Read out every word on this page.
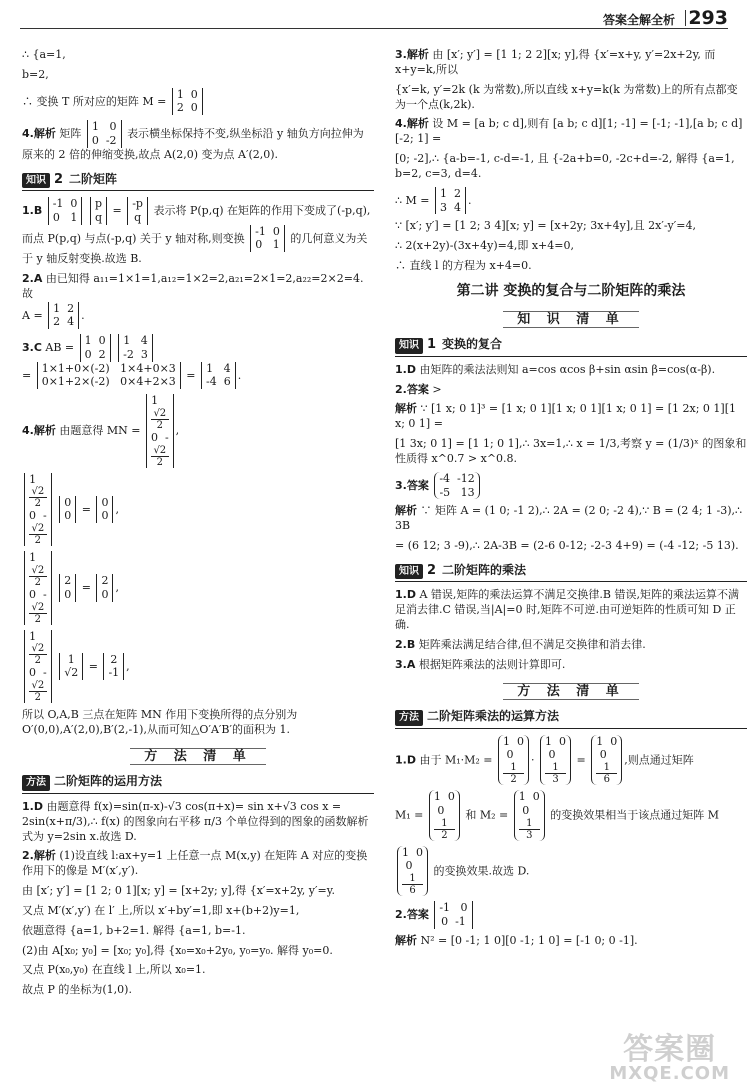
答案全解全析 293

∴ {a=1,

b=2,

∴ 变换 T 所对应的矩阵 M =
1  0
2  0

4.解析 矩阵
1   0
0  -2
表示横坐标保持不变,纵坐标沿 y 轴负方向拉伸为原来的 2 倍的伸缩变换,故点 A(2,0) 变为点 A′(2,0).

知识 2 二阶矩阵

1.B
-1  0
0   1

p
q
=
-p
q
表示将 P(p,q) 在矩阵的作用下变成了(-p,q),而点 P(p,q) 与点(-p,q) 关于 y 轴对称,则变换
-1  0
0   1
的几何意义为关于 y 轴反射变换.故选 B.

2.A 由已知得 a₁₁=1×1=1,a₁₂=1×2=2,a₂₁=2×1=2,a₂₂=2×2=4.故
A =
1  2
2  4
.

3.C AB =
1  0
0  2

1   4
-2  3

=
1×1+0×(-2)   1×4+0×3
0×1+2×(-2)   0×4+2×3
=
1   4
-4  6
.

4.解析 由题意得 MN =
1
√2
2
0  -
√2
2
,

1
√2
2
0  -
√2
2

0
0
=
0
0
,

1
√2
2
0  -
√2
2

2
0
=
2
0
,

1
√2
2
0  -
√2
2

1
√2
=
2
-1
,

所以 O,A,B 三点在矩阵 MN 作用下变换所得的点分别为 O′(0,0),A′(2,0),B′(2,-1),从而可知△O′A′B′的面积为 1.

方 法 清 单
方法 二阶矩阵的运用方法

1.D 由题意得 f(x)=sin(π-x)-√3 cos(π+x)= sin x+√3 cos x = 2sin(x+π/3),∴ f(x) 的图象向右平移 π/3 个单位得到的图象的函数解析式为 y=2sin x.故选 D.

2.解析 (1)设直线 l:ax+y=1 上任意一点 M(x,y) 在矩阵 A 对应的变换作用下的像是 M′(x′,y′).

由 [x′; y′] = [1 2; 0 1][x; y] = [x+2y; y],得 {x′=x+2y, y′=y.

又点 M′(x′,y′) 在 l′ 上,所以 x′+by′=1,即 x+(b+2)y=1,

依题意得 {a=1, b+2=1. 解得 {a=1, b=-1.

(2)由 A[x₀; y₀] = [x₀; y₀],得 {x₀=x₀+2y₀, y₀=y₀. 解得 y₀=0.

又点 P(x₀,y₀) 在直线 l 上,所以 x₀=1.

故点 P 的坐标为(1,0).

3.解析 由 [x′; y′] = [1 1; 2 2][x; y],得 {x′=x+y, y′=2x+2y, 而 x+y=k,所以

{x′=k, y′=2k (k 为常数),所以直线 x+y=k(k 为常数)上的所有点都变为一个点(k,2k).

4.解析 设 M = [a b; c d],则有 [a b; c d][1; -1] = [-1; -1],[a b; c d][-2; 1] =

[0; -2],∴ {a-b=-1, c-d=-1, 且 {-2a+b=0, -2c+d=-2, 解得 {a=1, b=2, c=3, d=4.

∴ M =
1  2
3  4
.

∵ [x′; y′] = [1 2; 3 4][x; y] = [x+2y; 3x+4y],且 2x′-y′=4,

∴ 2(x+2y)-(3x+4y)=4,即 x+4=0,

∴ 直线 l 的方程为 x+4=0.

第二讲 变换的复合与二阶矩阵的乘法
知 识 清 单
知识 1 变换的复合

1.D 由矩阵的乘法法则知 a=cos αcos β+sin αsin β=cos(α-β).

2.答案 >

解析 ∵ [1 x; 0 1]³ = [1 x; 0 1][1 x; 0 1][1 x; 0 1] = [1 2x; 0 1][1 x; 0 1] =

[1 3x; 0 1] = [1 1; 0 1],∴ 3x=1,∴ x = 1/3,考察 y = (1/3)ˣ 的图象和性质得 x^0.7 > x^0.8.

3.答案
-4  -12
-5   13

解析 ∵ 矩阵 A = (1 0; -1 2),∴ 2A = (2 0; -2 4),∵ B = (2 4; 1 -3),∴ 3B

= (6 12; 3 -9),∴ 2A-3B = (2-6 0-12; -2-3 4+9) = (-4 -12; -5 13).

知识 2 二阶矩阵的乘法

1.D A 错误,矩阵的乘法运算不满足交换律.B 错误,矩阵的乘法运算不满足消去律.C 错误,当|A|=0 时,矩阵不可逆.由可逆矩阵的性质可知 D 正确.

2.B 矩阵乘法满足结合律,但不满足交换律和消去律.

3.A 根据矩阵乘法的法则计算即可.

方 法 清 单
方法 二阶矩阵乘法的运算方法

1.D 由于 M₁·M₂ =
1  0
0
1
2
·
1  0
0
1
3
=
1  0
0
1
6
,则点通过矩阵

M₁ =
1  0
0
1
2
和 M₂ =
1  0
0
1
3
的变换效果相当于该点通过矩阵 M

1  0
0
1
6
的变换效果.故选 D.

2.答案
-1   0
0  -1

解析 N² = [0 -1; 1 0][0 -1; 1 0] = [-1 0; 0 -1].

答案圈
MXQE.COM
